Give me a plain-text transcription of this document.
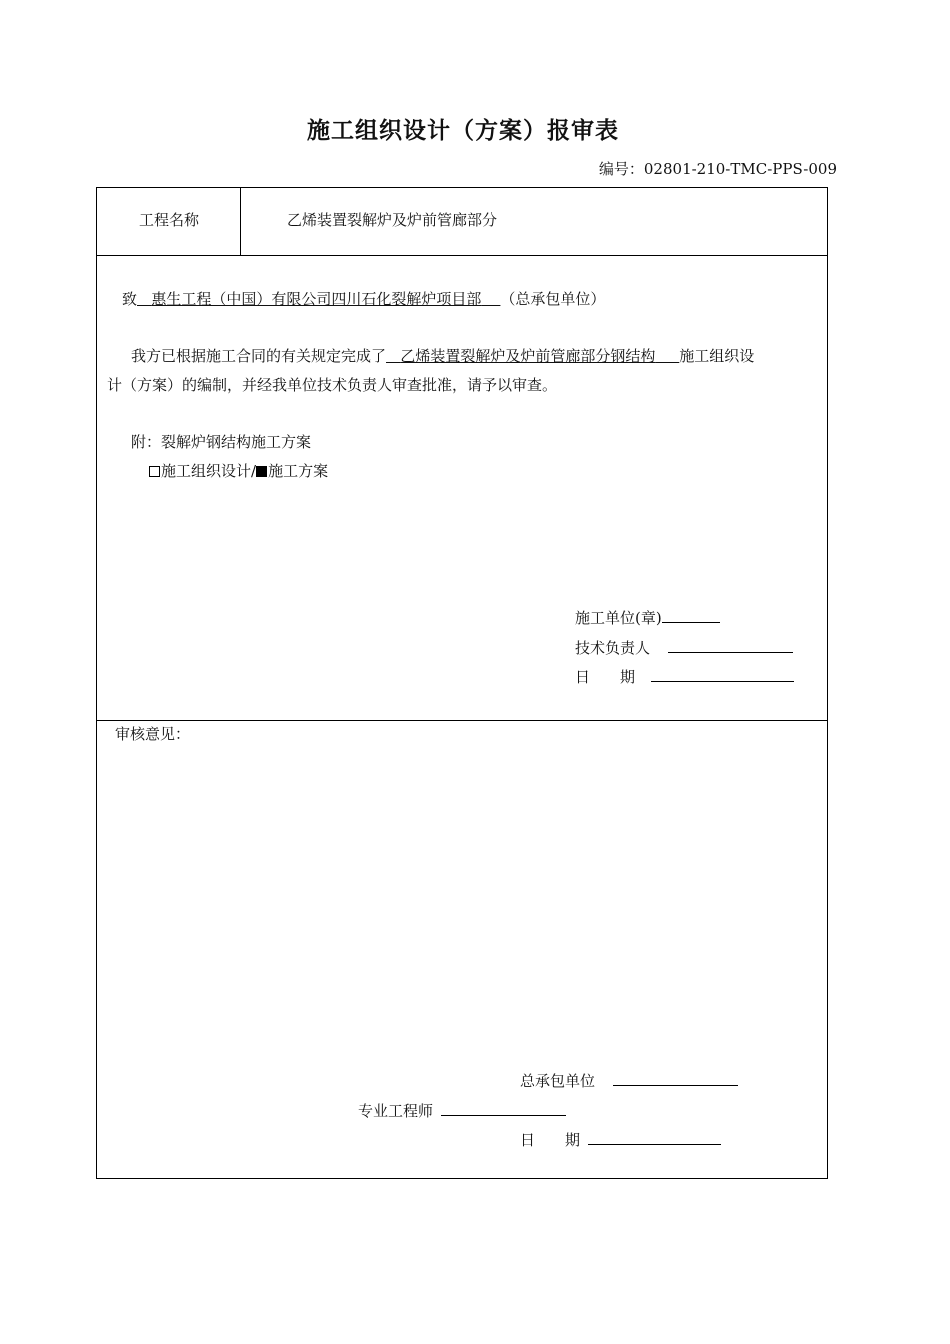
施工组织设计（方案）报审表
编号：02801-210-TMC-PPS-009
工程名称	乙烯装置裂解炉及炉前管廊部分
致 惠生工程（中国）有限公司四川石化裂解炉项目部 （总承包单位）
我方已根据施工合同的有关规定完成了 乙烯装置裂解炉及炉前管廊部分钢结构 施工组织设
计（方案）的编制，并经我单位技术负责人审查批准，请予以审查。
附：裂解炉钢结构施工方案
施工组织设计/ 施工方案
施工单位(章)
技术负责人
日　　期
审核意见：
总承包单位
专业工程师
日　　期
